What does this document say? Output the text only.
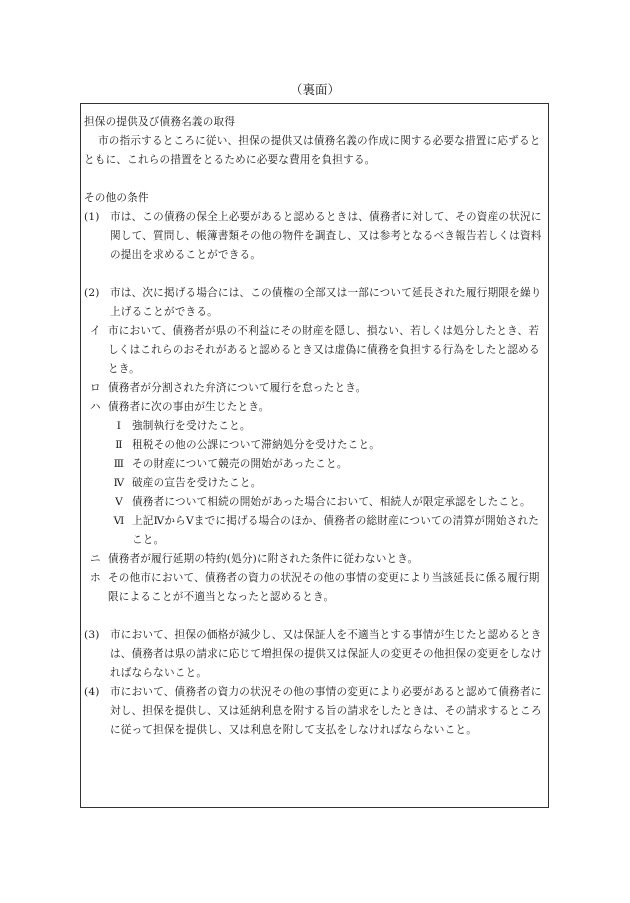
（裏面）

担保の提供及び債務名義の取得

市の指示するところに従い、担保の提供又は債務名義の作成に関する必要な措置に応ずるとともに、これらの措置をとるために必要な費用を負担する。

その他の条件

(1) 市は、この債務の保全上必要があると認めるときは、債務者に対して、その資産の状況に関して、質問し、帳簿書類その他の物件を調査し、又は参考となるべき報告若しくは資料の提出を求めることができる。
(2) 市は、次に掲げる場合には、この債権の全部又は一部について延長された履行期限を繰り上げることができる。
イ 市において、債務者が県の不利益にその財産を隠し、損ない、若しくは処分したとき、若しくはこれらのおそれがあると認めるとき又は虚偽に債務を負担する行為をしたと認めるとき。
ロ 債務者が分割された弁済について履行を怠ったとき。
ハ 債務者に次の事由が生じたとき。
Ⅰ	強制執行を受けたこと。
Ⅱ 租税その他の公課について滞納処分を受けたこと。
Ⅲ その財産について競売の開始があったこと。
Ⅳ 破産の宣告を受けたこと。
Ⅴ 債務者について相続の開始があった場合において、相続人が限定承認をしたこと。
Ⅵ 上記ⅣからⅤまでに掲げる場合のほか、債務者の総財産についての清算が開始されたこと。
ニ 債務者が履行延期の特約(処分)に附された条件に従わないとき。
ホ その他市において、債務者の資力の状況その他の事情の変更により当該延長に係る履行期限によることが不適当となったと認めるとき。
(3) 市において、担保の価格が減少し、又は保証人を不適当とする事情が生じたと認めるときは、債務者は県の請求に応じて増担保の提供又は保証人の変更その他担保の変更をしなければならないこと。
(4) 市において、債務者の資力の状況その他の事情の変更により必要があると認めて債務者に対し、担保を提供し、又は延納利息を附する旨の請求をしたときは、その請求するところに従って担保を提供し、又は利息を附して支払をしなければならないこと。
